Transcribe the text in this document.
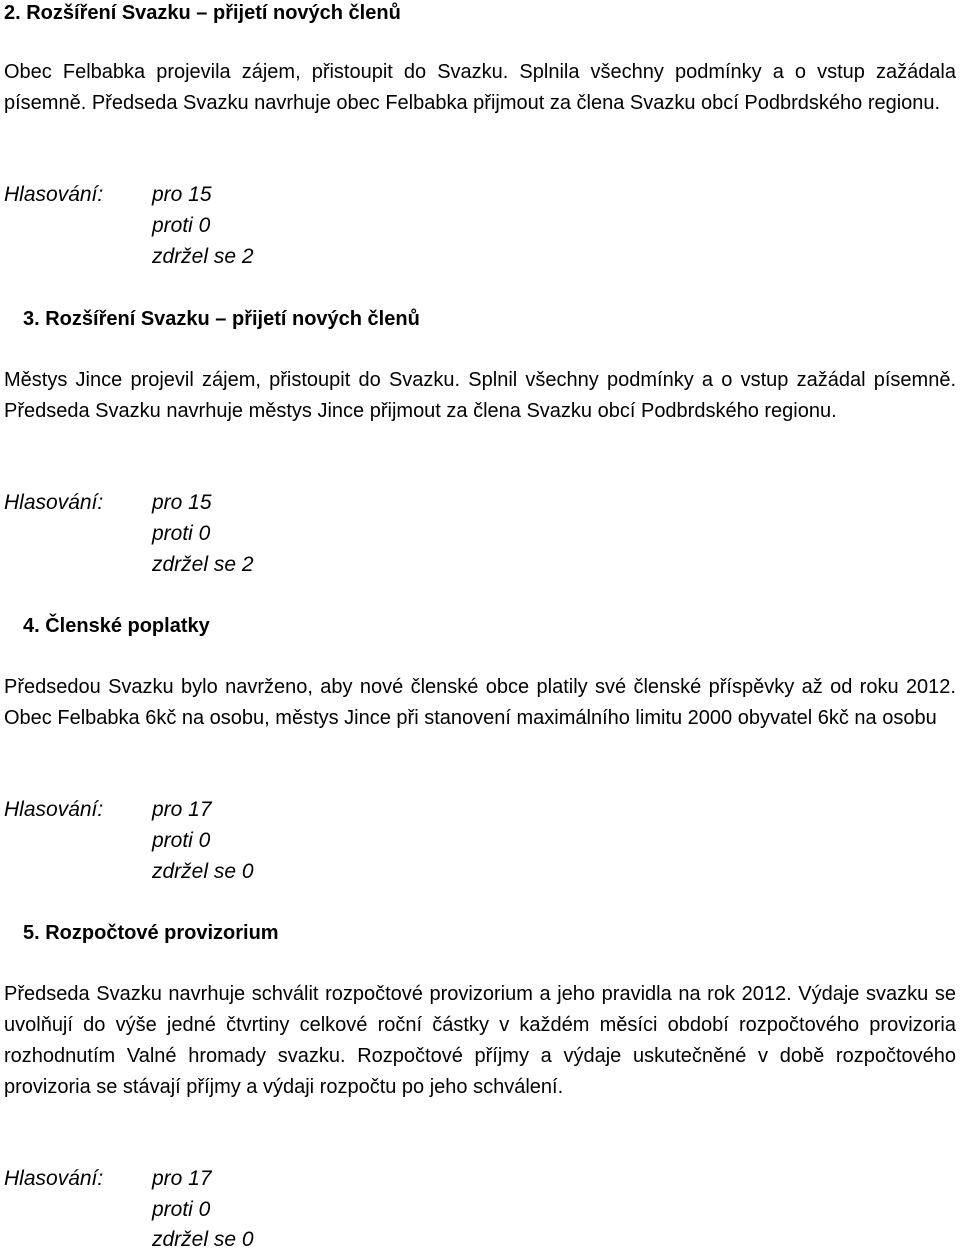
2. Rozšíření Svazku – přijetí nových členů
Obec Felbabka projevila zájem, přistoupit do Svazku. Splnila všechny podmínky a o vstup zažádala písemně. Předseda Svazku navrhuje obec Felbabka přijmout za člena Svazku obcí Podbrdského regionu.
Hlasování: pro 15
proti 0
zdržel se 2
3. Rozšíření Svazku – přijetí nových členů
Městys Jince projevil zájem, přistoupit do Svazku. Splnil všechny podmínky a o vstup zažádal písemně. Předseda Svazku navrhuje městys Jince přijmout za člena Svazku obcí Podbrdského regionu.
Hlasování: pro 15
proti 0
zdržel se 2
4. Členské poplatky
Předsedou Svazku bylo navrženo, aby nové členské obce platily své členské příspěvky až od roku 2012. Obec Felbabka 6kč na osobu, městys Jince při stanovení maximálního limitu 2000 obyvatel 6kč na osobu
Hlasování: pro 17
proti 0
zdržel se 0
5. Rozpočtové provizorium
Předseda Svazku navrhuje schválit rozpočtové provizorium a jeho pravidla na rok 2012. Výdaje svazku se uvolňují do výše jedné čtvrtiny celkové roční částky v každém měsíci období rozpočtového provizoria rozhodnutím Valné hromady svazku. Rozpočtové příjmy a výdaje uskutečněné v době rozpočtového provizoria se stávají příjmy a výdaji rozpočtu po jeho schválení.
Hlasování: pro 17
proti 0
zdržel se 0
